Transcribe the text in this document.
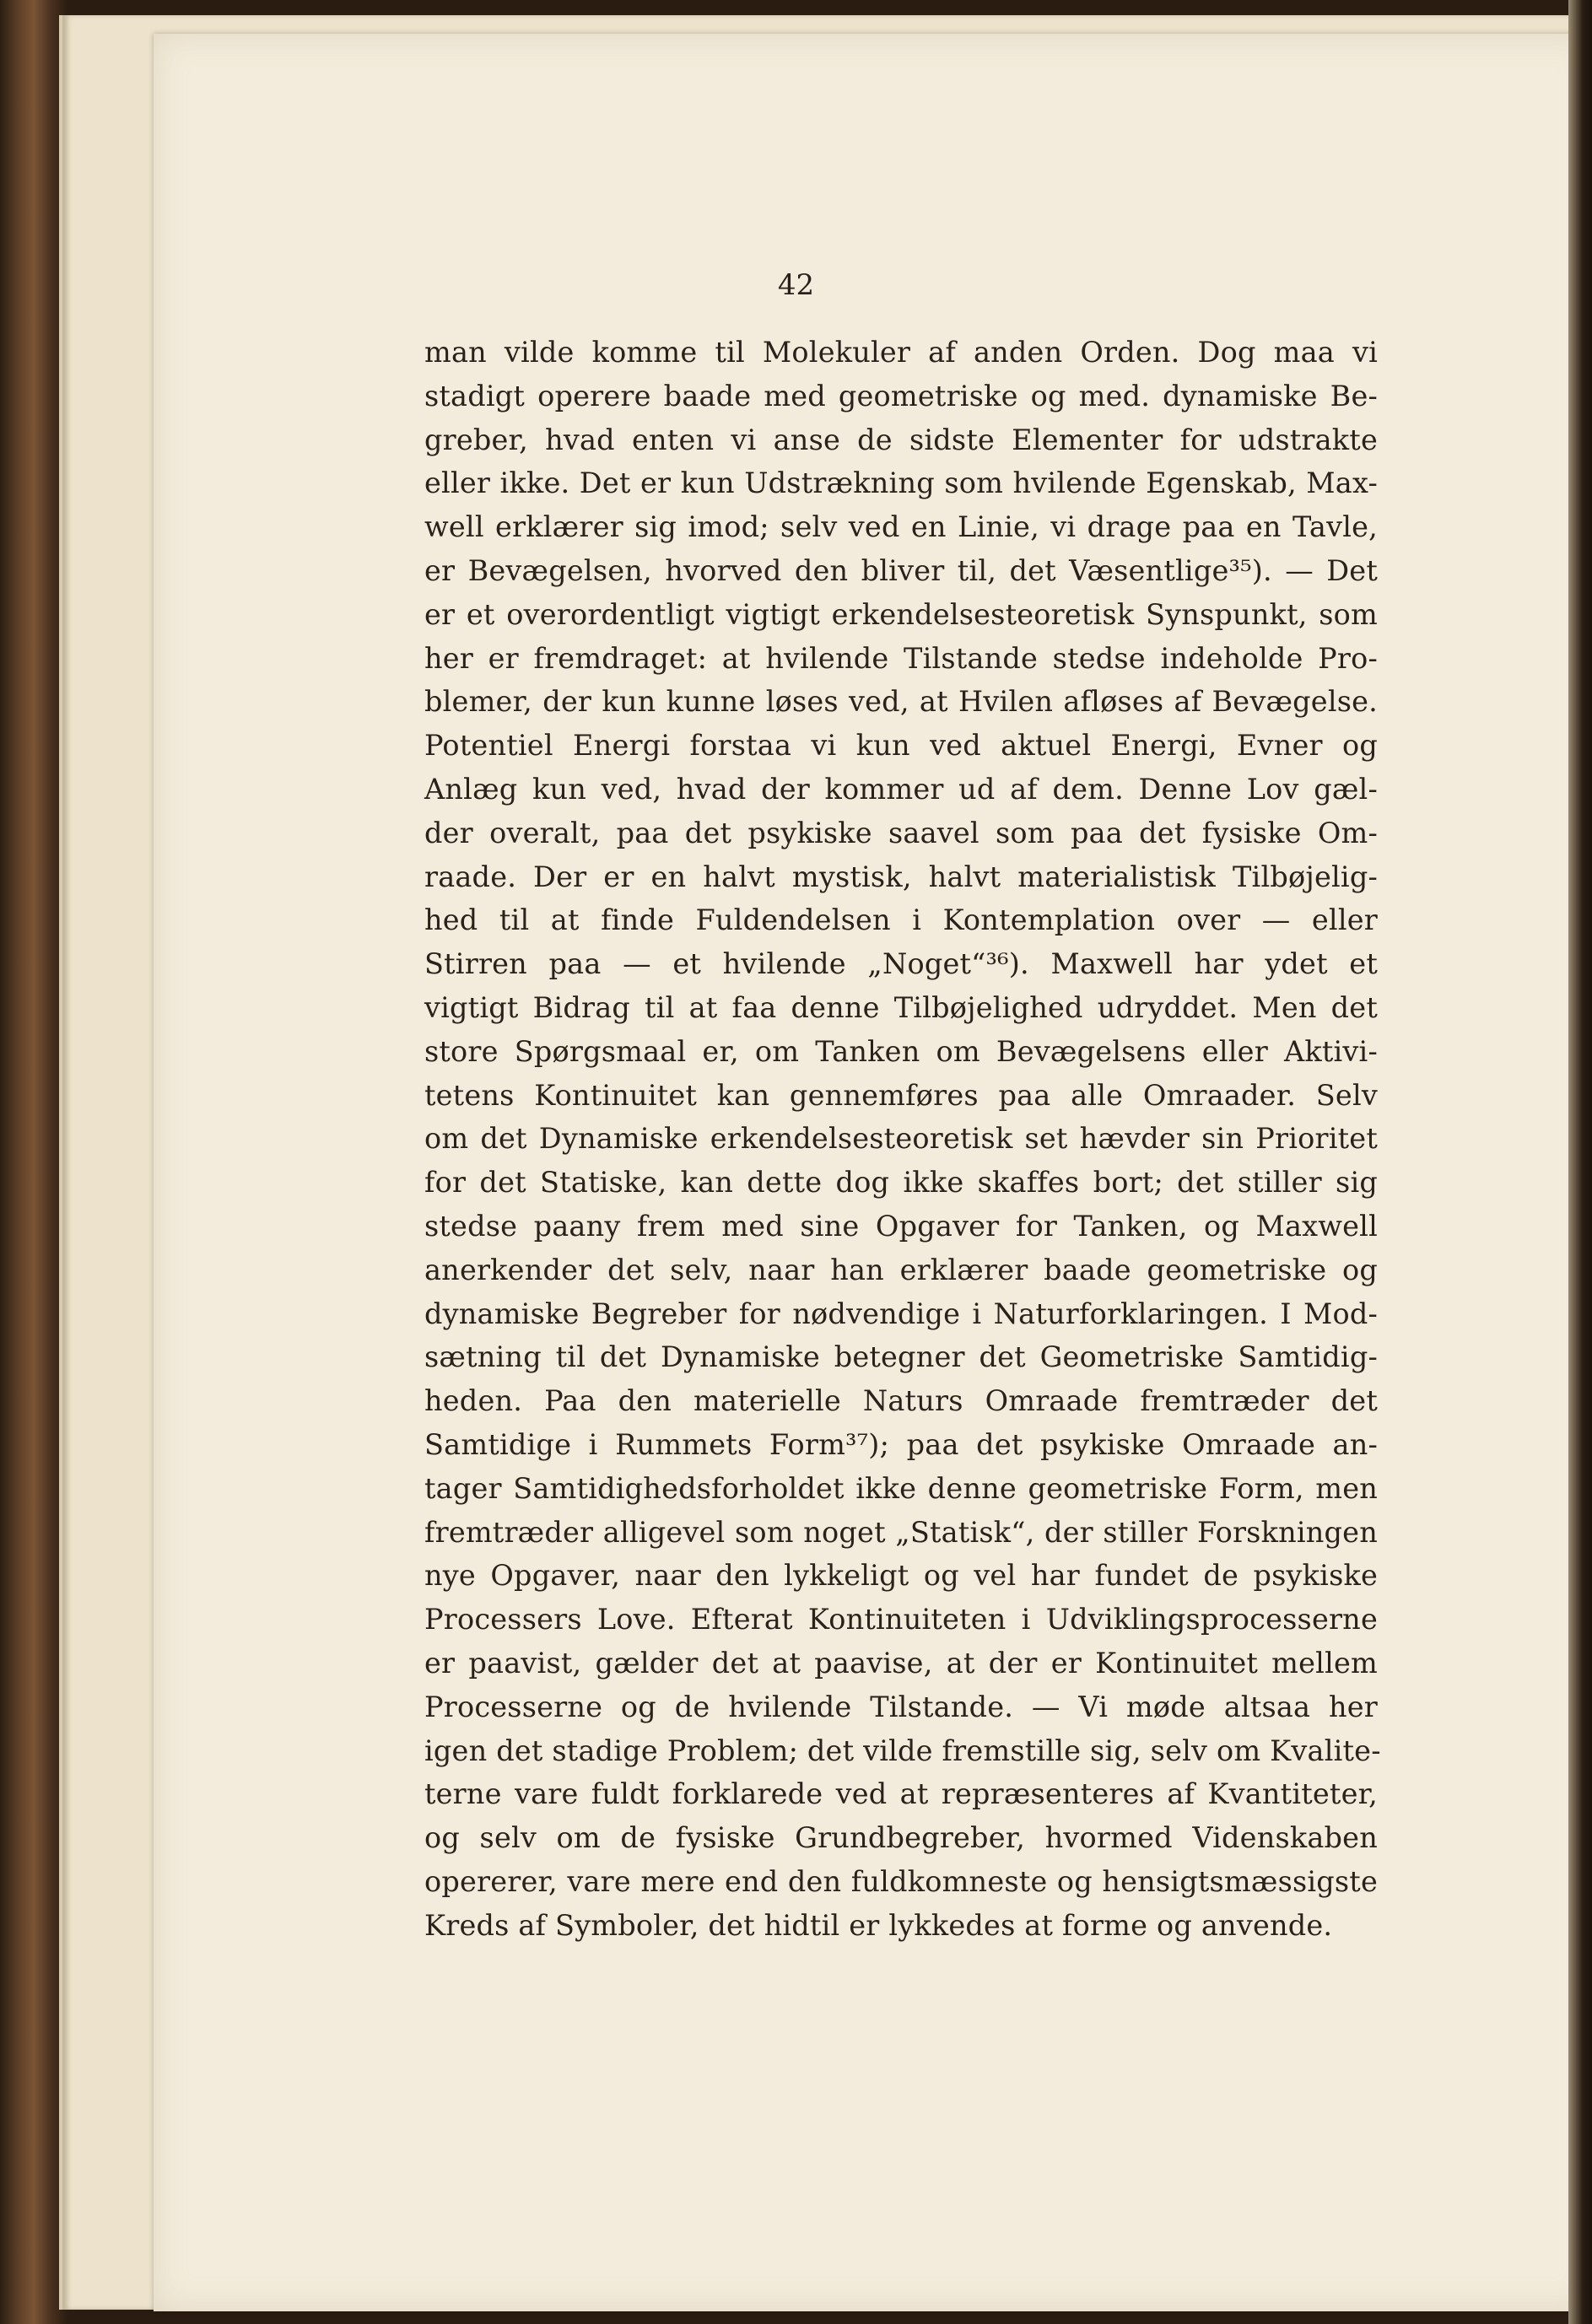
42
man vilde komme til Molekuler af anden Orden. Dog maa vi
stadigt operere baade med geometriske og med. dynamiske Be-
greber, hvad enten vi anse de sidste Elementer for udstrakte
eller ikke. Det er kun Udstrækning som hvilende Egenskab, Max-
well erklærer sig imod; selv ved en Linie, vi drage paa en Tavle,
er Bevægelsen, hvorved den bliver til, det Væsentlige³⁵). — Det
er et overordentligt vigtigt erkendelsesteoretisk Synspunkt, som
her er fremdraget: at hvilende Tilstande stedse indeholde Pro-
blemer, der kun kunne løses ved, at Hvilen afløses af Bevægelse.
Potentiel Energi forstaa vi kun ved aktuel Energi, Evner og
Anlæg kun ved, hvad der kommer ud af dem. Denne Lov gæl-
der overalt, paa det psykiske saavel som paa det fysiske Om-
raade. Der er en halvt mystisk, halvt materialistisk Tilbøjelig-
hed til at finde Fuldendelsen i Kontemplation over — eller
Stirren paa — et hvilende „Noget“³⁶). Maxwell har ydet et
vigtigt Bidrag til at faa denne Tilbøjelighed udryddet. Men det
store Spørgsmaal er, om Tanken om Bevægelsens eller Aktivi-
tetens Kontinuitet kan gennemføres paa alle Omraader. Selv
om det Dynamiske erkendelsesteoretisk set hævder sin Prioritet
for det Statiske, kan dette dog ikke skaffes bort; det stiller sig
stedse paany frem med sine Opgaver for Tanken, og Maxwell
anerkender det selv, naar han erklærer baade geometriske og
dynamiske Begreber for nødvendige i Naturforklaringen. I Mod-
sætning til det Dynamiske betegner det Geometriske Samtidig-
heden. Paa den materielle Naturs Omraade fremtræder det
Samtidige i Rummets Form³⁷); paa det psykiske Omraade an-
tager Samtidighedsforholdet ikke denne geometriske Form, men
fremtræder alligevel som noget „Statisk“, der stiller Forskningen
nye Opgaver, naar den lykkeligt og vel har fundet de psykiske
Processers Love. Efterat Kontinuiteten i Udviklingsprocesserne
er paavist, gælder det at paavise, at der er Kontinuitet mellem
Processerne og de hvilende Tilstande. — Vi møde altsaa her
igen det stadige Problem; det vilde fremstille sig, selv om Kvalite-
terne vare fuldt forklarede ved at repræsenteres af Kvantiteter,
og selv om de fysiske Grundbegreber, hvormed Videnskaben
opererer, vare mere end den fuldkomneste og hensigtsmæssigste
Kreds af Symboler, det hidtil er lykkedes at forme og anvende.
